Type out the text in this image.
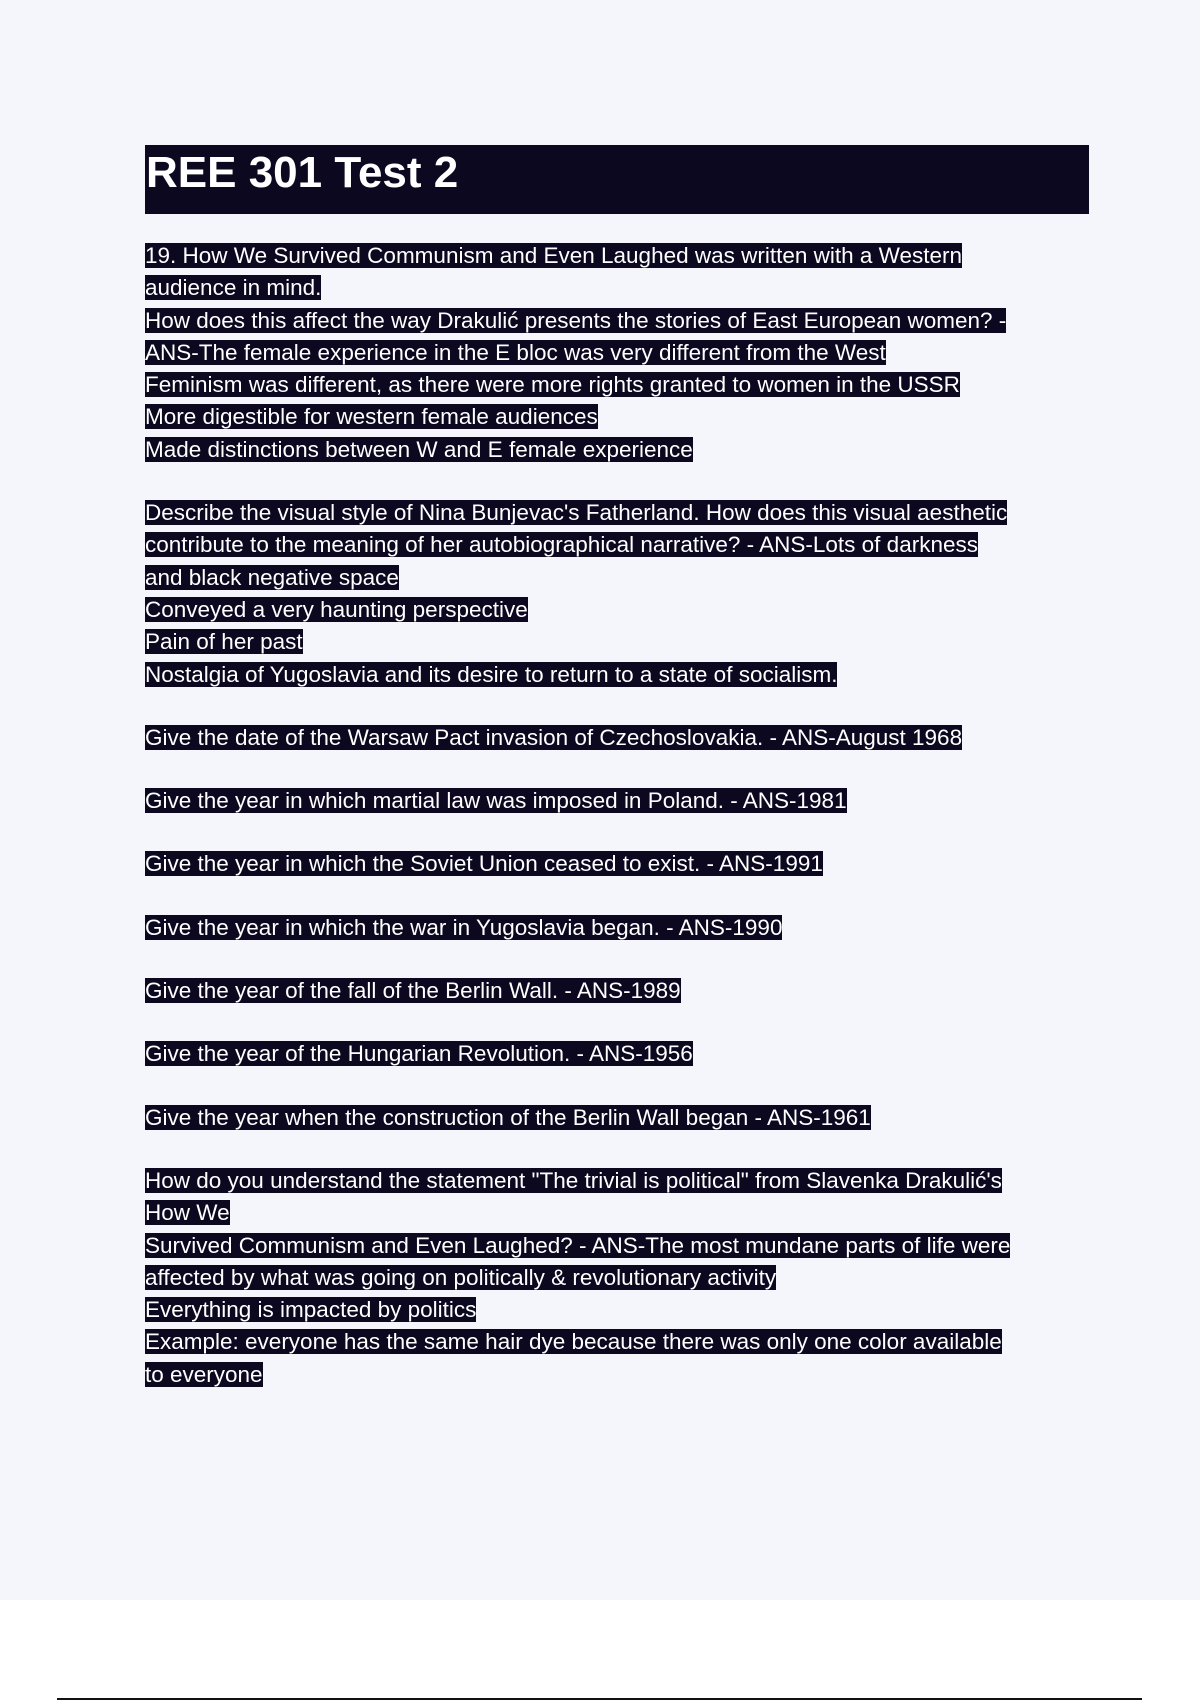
REE 301 Test 2

19. How We Survived Communism and Even Laughed was written with a Western

audience in mind.

How does this affect the way Drakulić presents the stories of East European women? -

ANS-The female experience in the E bloc was very different from the West

Feminism was different, as there were more rights granted to women in the USSR

More digestible for western female audiences

Made distinctions between W and E female experience

Describe the visual style of Nina Bunjevac's Fatherland. How does this visual aesthetic

contribute to the meaning of her autobiographical narrative? - ANS-Lots of darkness

and black negative space

Conveyed a very haunting perspective

Pain of her past

Nostalgia of Yugoslavia and its desire to return to a state of socialism.

Give the date of the Warsaw Pact invasion of Czechoslovakia. - ANS-August 1968

Give the year in which martial law was imposed in Poland. - ANS-1981

Give the year in which the Soviet Union ceased to exist. - ANS-1991

Give the year in which the war in Yugoslavia began. - ANS-1990

Give the year of the fall of the Berlin Wall. - ANS-1989

Give the year of the Hungarian Revolution. - ANS-1956

Give the year when the construction of the Berlin Wall began - ANS-1961

How do you understand the statement "The trivial is political" from Slavenka Drakulić's

How We

Survived Communism and Even Laughed? - ANS-The most mundane parts of life were

affected by what was going on politically & revolutionary activity

Everything is impacted by politics

Example: everyone has the same hair dye because there was only one color available

to everyone
